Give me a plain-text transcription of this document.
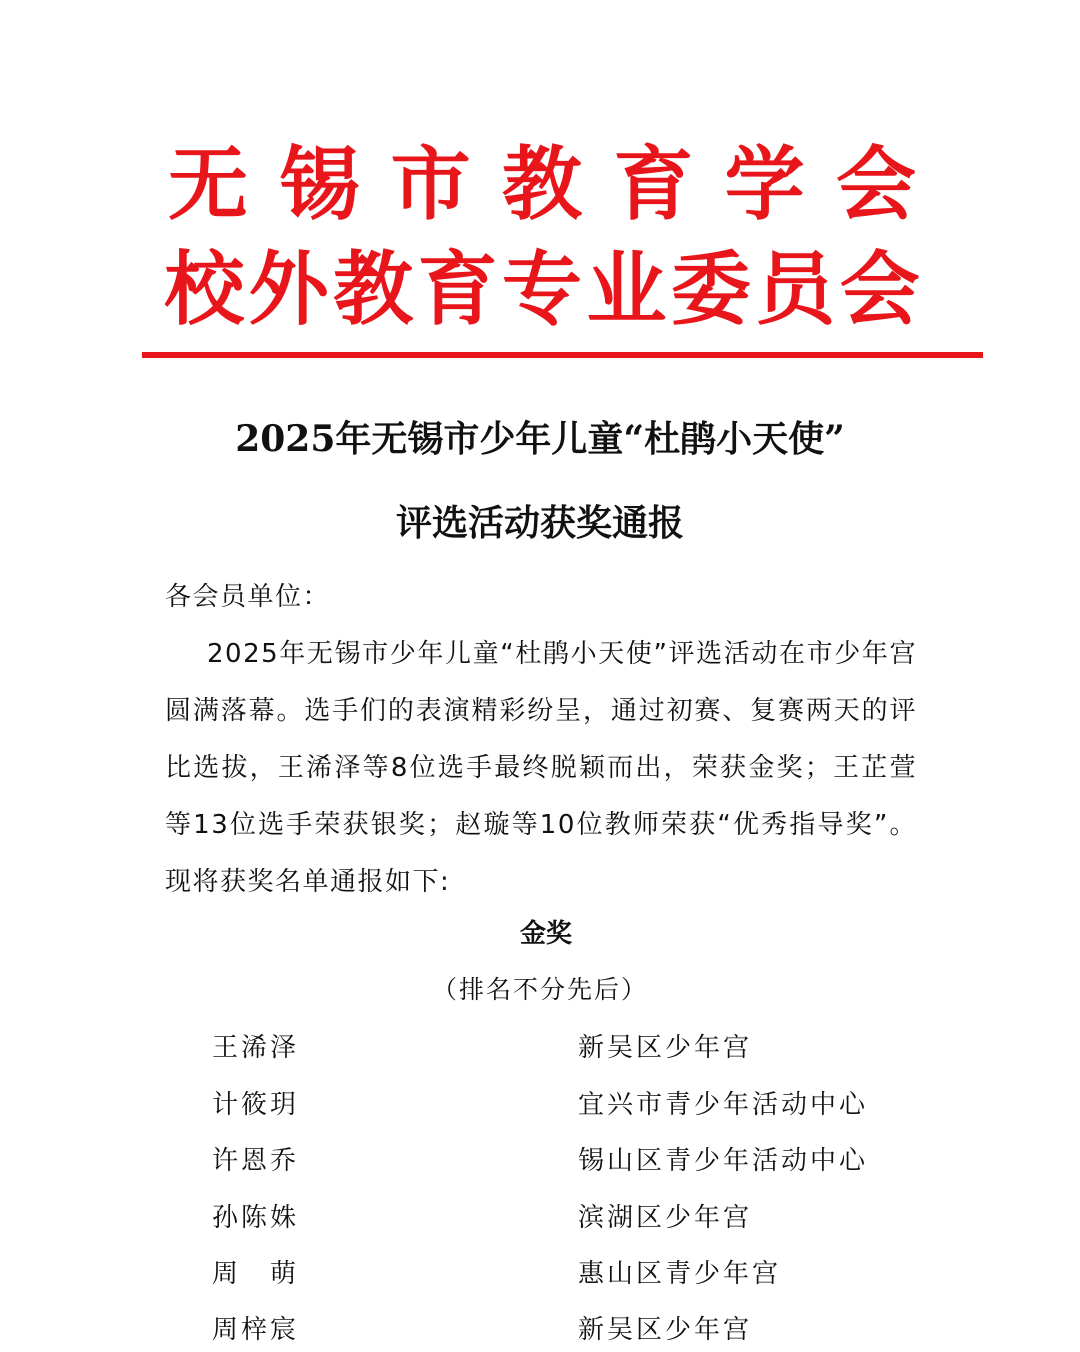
无 锡 市 教 育 学 会
校 外 教 育 专 业 委 员 会
2025年无锡市少年儿童“杜鹃小天使”
评选活动获奖通报
各会员单位：
2025年无锡市少年儿童“杜鹃小天使”评选活动在市少年宫圆满落幕。选手们的表演精彩纷呈，通过初赛、复赛两天的评比选拔，王浠泽等8位选手最终脱颖而出，荣获金奖；王芷萱等13位选手荣获银奖；赵璇等10位教师荣获“优秀指导奖”。现将获奖名单通报如下:
金奖
（排名不分先后）
王浠泽	新吴区少年宫
计筱玥	宜兴市青少年活动中心
许恩乔	锡山区青少年活动中心
孙陈姝	滨湖区少年宫
周　萌	惠山区青少年宫
周梓宸	新吴区少年宫
